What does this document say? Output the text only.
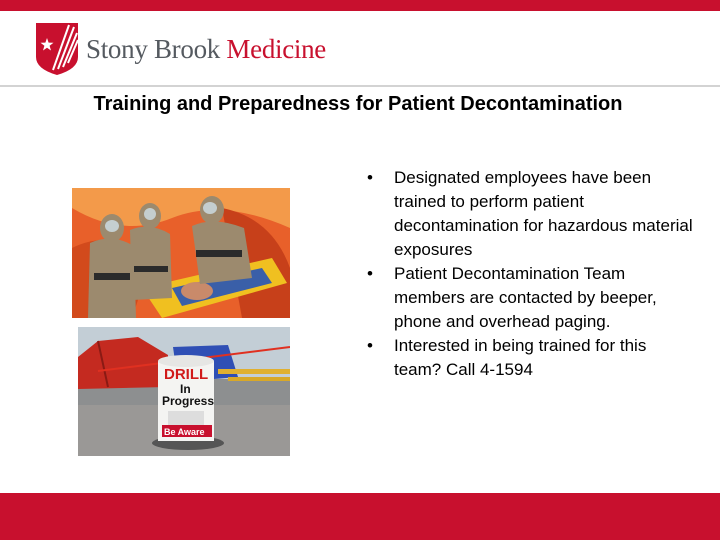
Stony Brook Medicine
Training and Preparedness for Patient Decontamination
DRILL
In
Progress
Be Aware
• Designated employees have been trained to perform patient decontamination for hazardous material exposures
• Patient Decontamination Team members are contacted by beeper, phone and overhead paging.
• Interested in being trained for this team? Call 4-1594
